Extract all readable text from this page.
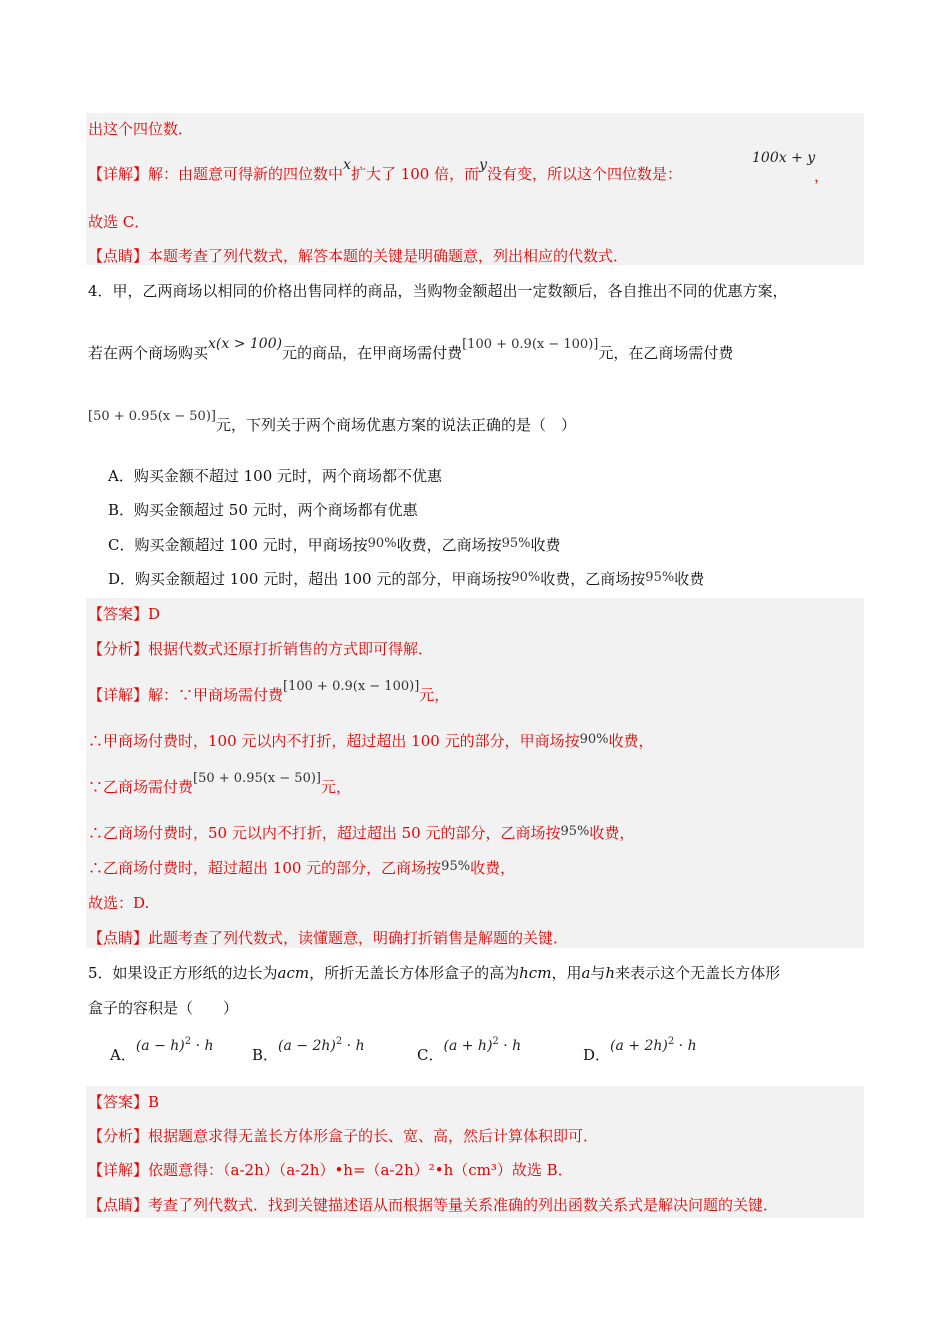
出这个四位数．
【详解】解：由题意可得新的四位数中x扩大了 100 倍，而y没有变，所以这个四位数是：
100x + y
，
故选 C．
【点睛】本题考查了列代数式，解答本题的关键是明确题意，列出相应的代数式．
4．甲，乙两商场以相同的价格出售同样的商品，当购物金额超出一定数额后，各自推出不同的优惠方案，
若在两个商场购买x(x > 100)元的商品，在甲商场需付费[100 + 0.9(x − 100)]元，在乙商场需付费
[50 + 0.95(x − 50)]元，下列关于两个商场优惠方案的说法正确的是（　）
A．购买金额不超过 100 元时，两个商场都不优惠
B．购买金额超过 50 元时，两个商场都有优惠
C．购买金额超过 100 元时，甲商场按90%收费，乙商场按95%收费
D．购买金额超过 100 元时，超出 100 元的部分，甲商场按90%收费，乙商场按95%收费
【答案】D
【分析】根据代数式还原打折销售的方式即可得解．
【详解】解：∵甲商场需付费[100 + 0.9(x − 100)]元，
∴甲商场付费时，100 元以内不打折，超过超出 100 元的部分，甲商场按90%收费，
∵乙商场需付费[50 + 0.95(x − 50)]元，
∴乙商场付费时，50 元以内不打折，超过超出 50 元的部分，乙商场按95%收费，
∴乙商场付费时，超过超出 100 元的部分，乙商场按95%收费，
故选：D.
【点睛】此题考查了列代数式，读懂题意，明确打折销售是解题的关键．
5．如果设正方形纸的边长为acm，所折无盖长方体形盒子的高为hcm，用a与h来表示这个无盖长方体形
盒子的容积是（　　）
A．$(a - h)^2 \cdot h$	B．$(a - 2h)^2 \cdot h$	C．$(a + h)^2 \cdot h$	D．$(a + 2h)^2 \cdot h$
【答案】B
【分析】根据题意求得无盖长方体形盒子的长、宽、高，然后计算体积即可．
【详解】依题意得：（a-2h）（a-2h）•h=（a-2h）²•h（cm³）故选 B．
【点睛】考查了列代数式．找到关键描述语从而根据等量关系准确的列出函数关系式是解决问题的关键．
